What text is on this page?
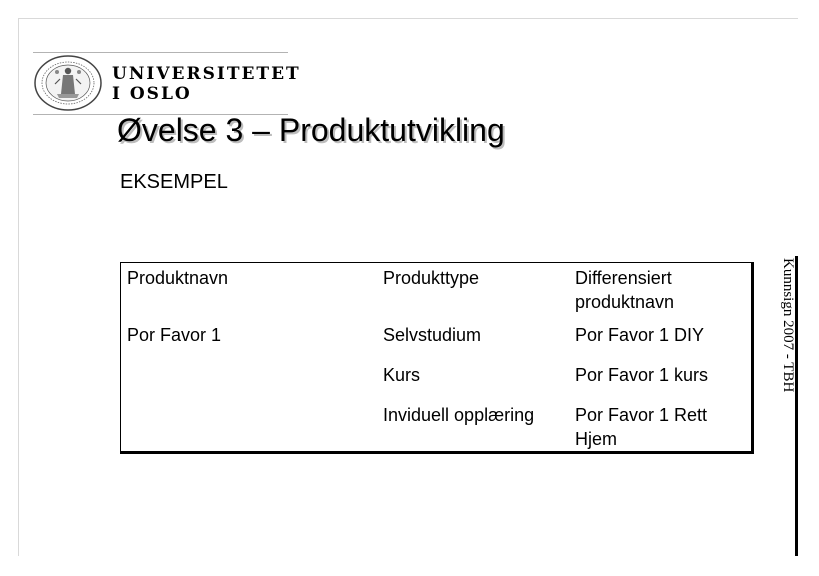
UNIVERSITETET
I OSLO
Øvelse 3 – Produktutvikling
EKSEMPEL
Kunnsign 2007 - TBH
Produktnavn	Produkttype	Differensiert produktnavn
Por Favor 1	Selvstudium	Por Favor 1 DIY
	Kurs	Por Favor 1 kurs
	Inviduell opplæring	Por Favor 1 Rett Hjem
